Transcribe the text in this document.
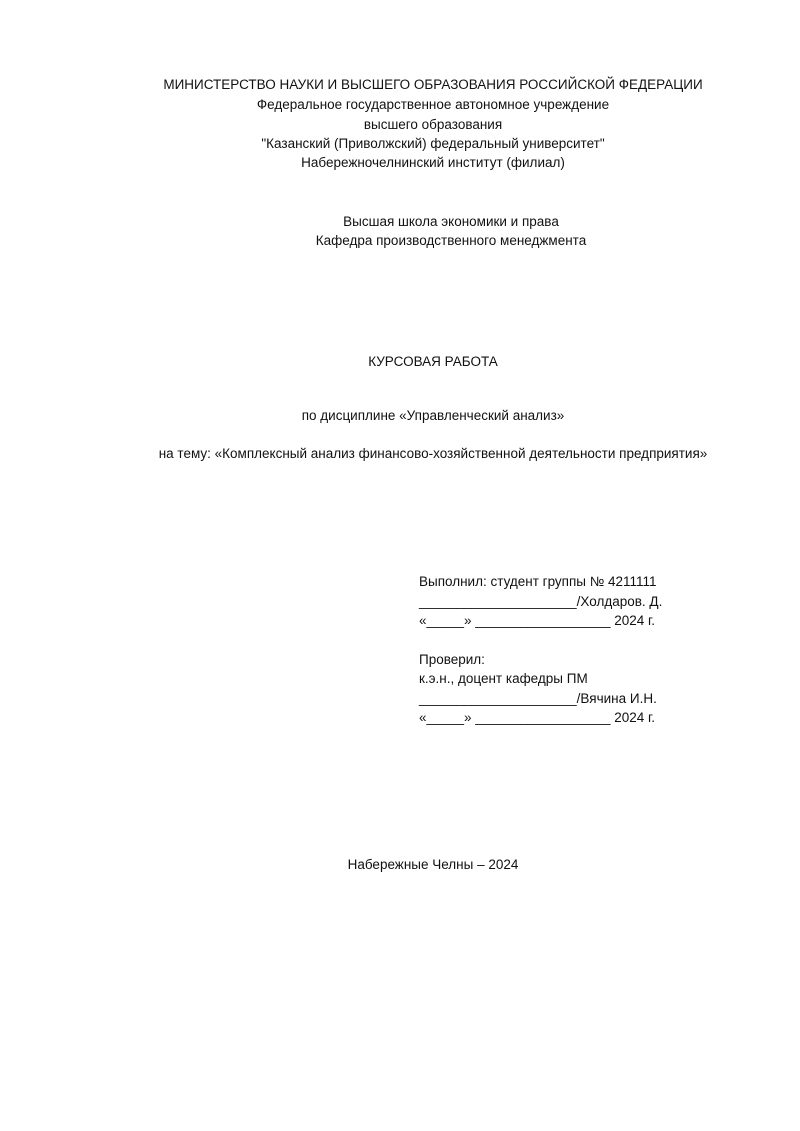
МИНИСТЕРСТВО НАУКИ И ВЫСШЕГО ОБРАЗОВАНИЯ РОССИЙСКОЙ ФЕДЕРАЦИИ
Федеральное государственное автономное учреждение
высшего образования
"Казанский (Приволжский) федеральный университет"
Набережночелнинский институт (филиал)
Высшая школа экономики и права
Кафедра производственного менеджмента
КУРСОВАЯ РАБОТА
по дисциплине «Управленческий анализ»
на тему: «Комплексный анализ финансово-хозяйственной деятельности предприятия»
Выполнил: студент группы № 4211111
_____________________/Холдаров. Д.
«_____» __________________ 2024 г.
Проверил:
к.э.н., доцент кафедры ПМ
_____________________/Вячина И.Н.
«_____» __________________ 2024 г.
Набережные Челны – 2024
